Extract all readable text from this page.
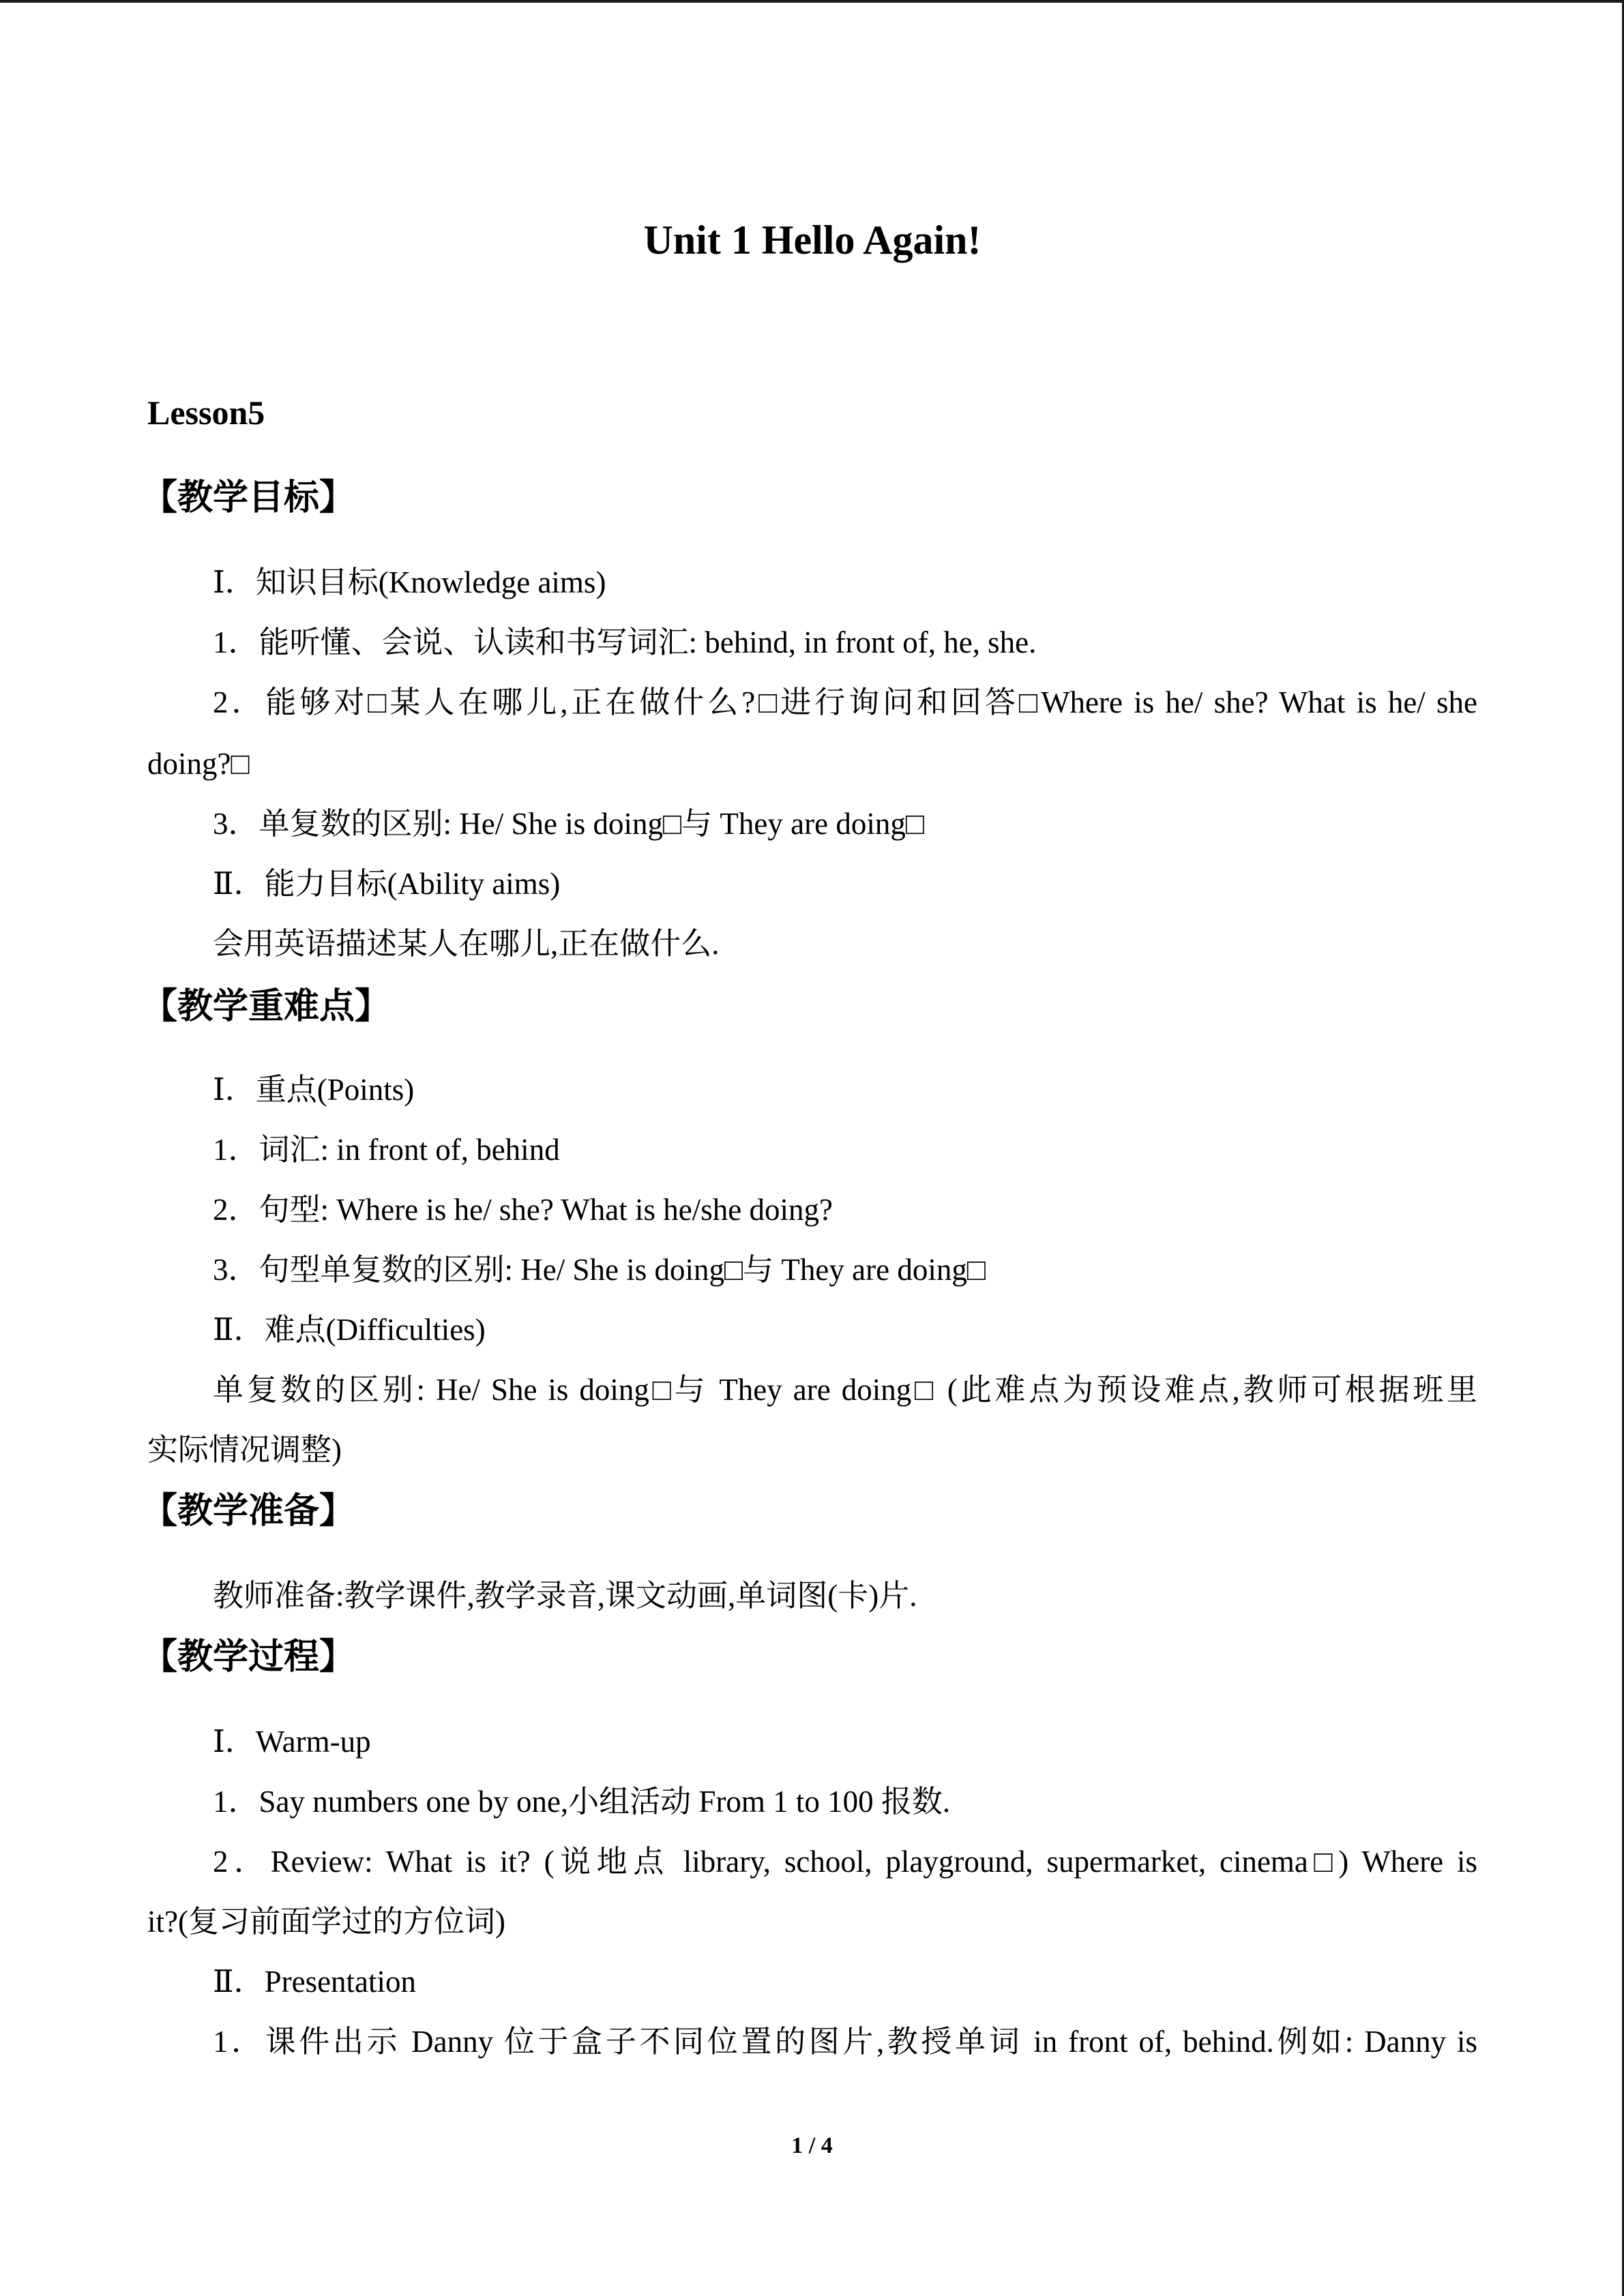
Unit 1 Hello Again!
Lesson5
【教学目标】
Ⅰ．知识目标(Knowledge aims)
1．能听懂、会说、认读和书写词汇: behind, in front of, he, she.
2．能够对□某人在哪儿,正在做什么?□进行询问和回答□Where is he/ she? What is he/ she
doing?□
3．单复数的区别: He/ She is doing□与 They are doing□
Ⅱ．能力目标(Ability aims)
会用英语描述某人在哪儿,正在做什么.
【教学重难点】
Ⅰ．重点(Points)
1．词汇: in front of, behind
2．句型: Where is he/ she? What is he/she doing?
3．句型单复数的区别: He/ She is doing□与 They are doing□
Ⅱ．难点(Difficulties)
单复数的区别: He/ She is doing□与 They are doing□ (此难点为预设难点,教师可根据班里
实际情况调整)
【教学准备】
教师准备:教学课件,教学录音,课文动画,单词图(卡)片.
【教学过程】
Ⅰ．Warm-up
1．Say numbers one by one,小组活动 From 1 to 100 报数.
2．Review: What is it? (说地点 library, school, playground, supermarket, cinema□) Where is
it?(复习前面学过的方位词)
Ⅱ．Presentation
1．课件出示 Danny 位于盒子不同位置的图片,教授单词 in front of, behind.例如: Danny is
1 / 4
